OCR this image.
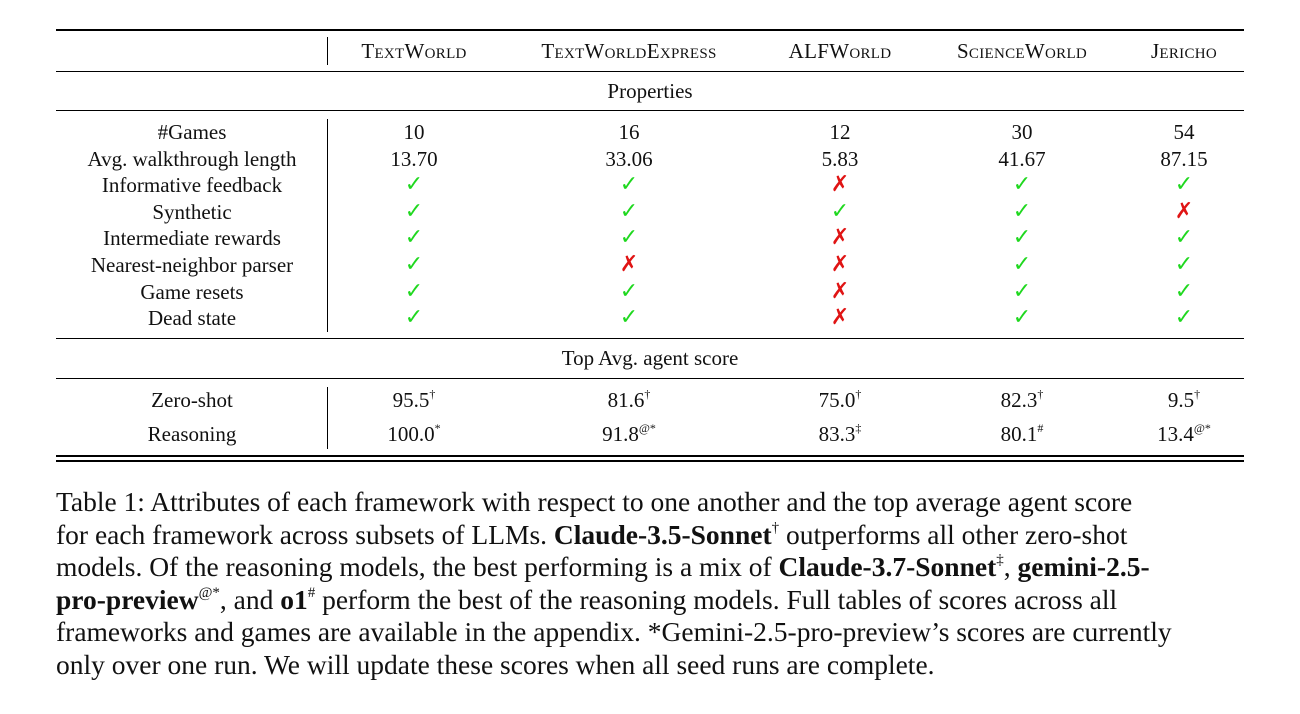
TextWorld	TextWorldExpress	ALFWorld	ScienceWorld	Jericho
Properties
Top Avg. agent score
#Games	10	16	12	30	54
Avg. walkthrough length	13.70	33.06	5.83	41.67	87.15
Informative feedback	✓	✓	✗	✓	✓
Synthetic	✓	✓	✓	✓	✗
Intermediate rewards	✓	✓	✗	✓	✓
Nearest-neighbor parser	✓	✗	✗	✓	✓
Game resets	✓	✓	✗	✓	✓
Dead state	✓	✓	✗	✓	✓
Zero-shot	95.5†	81.6†	75.0†	82.3†	9.5†
Reasoning	100.0*	91.8@*	83.3‡	80.1#	13.4@*
Table 1: Attributes of each framework with respect to one another and the top average agent score
for each framework across subsets of LLMs. Claude-3.5-Sonnet† outperforms all other zero-shot
models. Of the reasoning models, the best performing is a mix of Claude-3.7-Sonnet‡, gemini-2.5-
pro-preview@*, and o1# perform the best of the reasoning models. Full tables of scores across all
frameworks and games are available in the appendix. *Gemini-2.5-pro-preview’s scores are currently
only over one run. We will update these scores when all seed runs are complete.
